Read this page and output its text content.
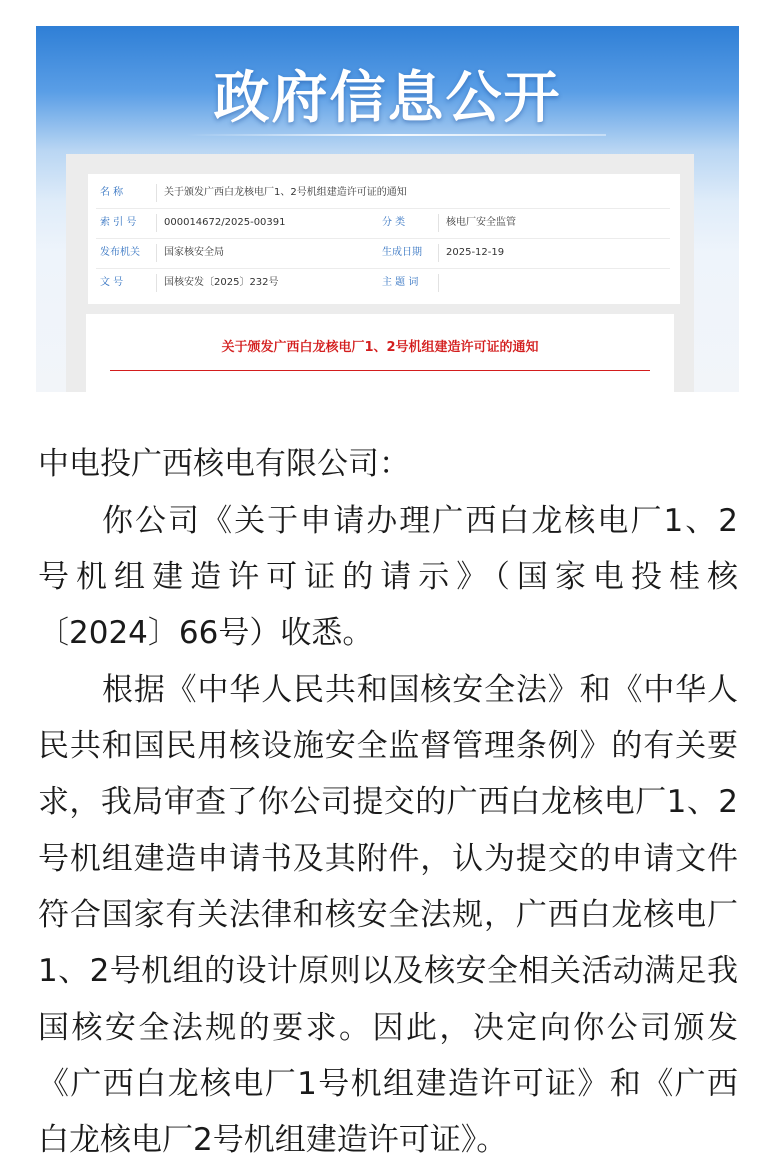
政府信息公开
名 称	关于颁发广西白龙核电厂1、2号机组建造许可证的通知
索 引 号	000014672/2025-00391	分 类	核电厂安全监管
发布机关 国家核安全局	生成日期 2025-12-19
文 号	国核安发〔2025〕232号	主 题 词
关于颁发广西白龙核电厂1、2号机组建造许可证的通知
中电投广西核电有限公司：
你公司《关于申请办理广西白龙核电厂1、2
号机组建造许可证的请示》（国家电投桂核
〔2024〕66号）收悉。
根据《中华人民共和国核安全法》和《中华人
民共和国民用核设施安全监督管理条例》的有关要
求，我局审查了你公司提交的广西白龙核电厂1、2
号机组建造申请书及其附件，认为提交的申请文件
符合国家有关法律和核安全法规，广西白龙核电厂
1、2号机组的设计原则以及核安全相关活动满足我
国核安全法规的要求。因此，决定向你公司颁发
《广西白龙核电厂1号机组建造许可证》和《广西
白龙核电厂2号机组建造许可证》。
